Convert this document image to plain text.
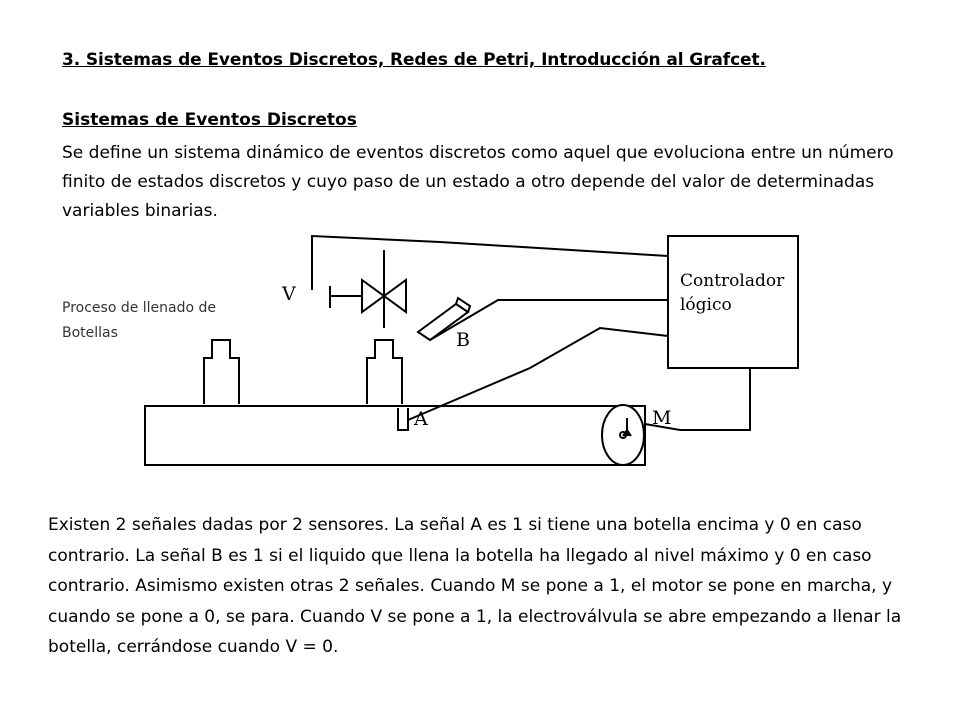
3. Sistemas de Eventos Discretos, Redes de Petri, Introducción al Grafcet.
Sistemas de Eventos Discretos
Se define un sistema dinámico de eventos discretos como aquel que evoluciona entre un número finito de estados discretos y cuyo paso de un estado a otro depende del valor de determinadas variables binarias.
V
B
A	M
Controlador
lógico
Proceso de llenado de Botellas
Existen 2 señales dadas por 2 sensores. La señal A es 1 si tiene una botella encima y 0 en caso contrario. La señal B es 1 si el liquido que llena la botella ha llegado al nivel máximo y 0 en caso contrario. Asimismo existen otras 2 señales. Cuando M se pone a 1, el motor se pone en marcha, y cuando se pone a 0, se para. Cuando V se pone a 1, la electroválvula se abre empezando a llenar la botella, cerrándose cuando V = 0.
